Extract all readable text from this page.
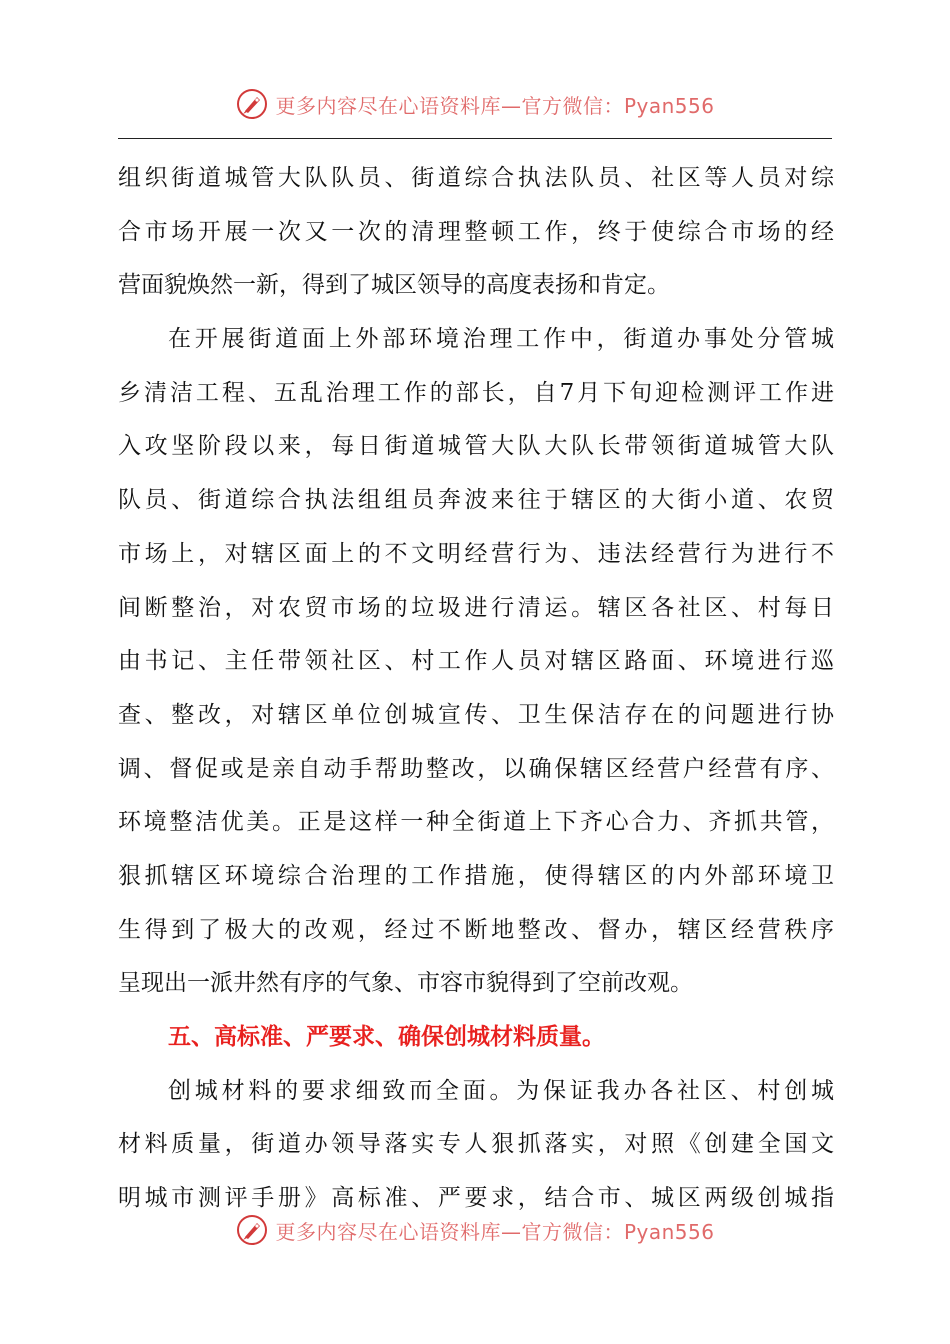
更多内容尽在心语资料库—官方微信：Pyan556
组织街道城管大队队员、街道综合执法队员、社区等人员对综
合市场开展一次又一次的清理整顿工作，终于使综合市场的经
营面貌焕然一新，得到了城区领导的高度表扬和肯定。
在开展街道面上外部环境治理工作中，街道办事处分管城
乡清洁工程、五乱治理工作的部长，自7月下旬迎检测评工作进
入攻坚阶段以来，每日街道城管大队大队长带领街道城管大队
队员、街道综合执法组组员奔波来往于辖区的大街小道、农贸
市场上，对辖区面上的不文明经营行为、违法经营行为进行不
间断整治，对农贸市场的垃圾进行清运。辖区各社区、村每日
由书记、主任带领社区、村工作人员对辖区路面、环境进行巡
查、整改，对辖区单位创城宣传、卫生保洁存在的问题进行协
调、督促或是亲自动手帮助整改，以确保辖区经营户经营有序、
环境整洁优美。正是这样一种全街道上下齐心合力、齐抓共管，
狠抓辖区环境综合治理的工作措施，使得辖区的内外部环境卫
生得到了极大的改观，经过不断地整改、督办，辖区经营秩序
呈现出一派井然有序的气象、市容市貌得到了空前改观。
五、高标准、严要求、确保创城材料质量。
创城材料的要求细致而全面。为保证我办各社区、村创城
材料质量，街道办领导落实专人狠抓落实，对照《创建全国文
明城市测评手册》高标准、严要求，结合市、城区两级创城指
更多内容尽在心语资料库—官方微信：Pyan556
